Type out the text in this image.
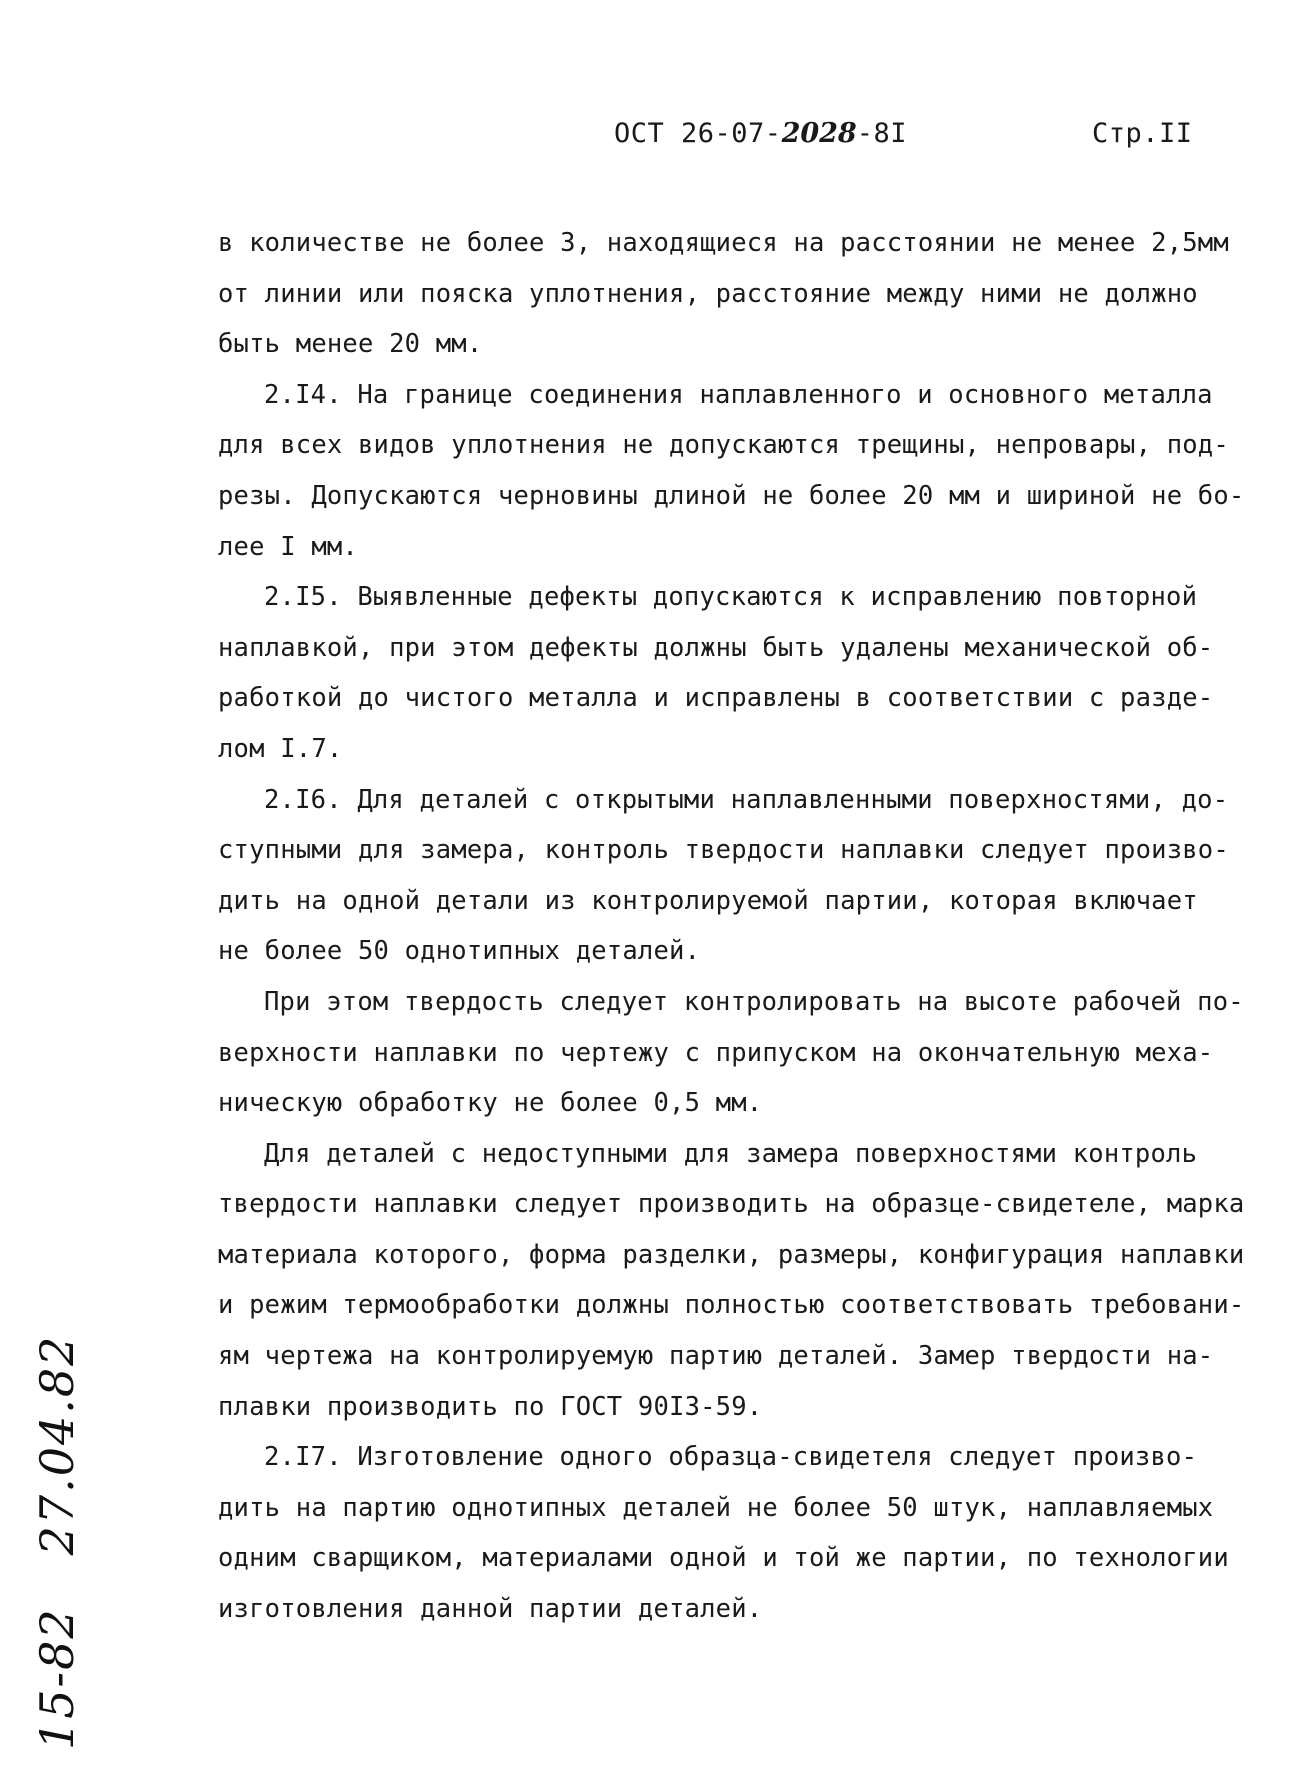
ОСТ 26-07-2028-8I	Стр.II

в количестве не более 3, находящиеся на расстоянии не менее 2,5мм
от линии или пояска уплотнения, расстояние между ними не должно
быть менее 20 мм.

2.I4. На границе соединения наплавленного и основного металла
для всех видов уплотнения не допускаются трещины, непровары, под-
резы. Допускаются черновины длиной не более 20 мм и шириной не бо-
лее I мм.

2.I5. Выявленные дефекты допускаются к исправлению повторной
наплавкой, при этом дефекты должны быть удалены механической об-
работкой до чистого металла и исправлены в соответствии с разде-
лом I.7.

2.I6. Для деталей с открытыми наплавленными поверхностями, до-
ступными для замера, контроль твердости наплавки следует произво-
дить на одной детали из контролируемой партии, которая включает
не более 50 однотипных деталей.

При этом твердость следует контролировать на высоте рабочей по-
верхности наплавки по чертежу с припуском на окончательную меха-
ническую обработку не более 0,5 мм.

Для деталей с недоступными для замера поверхностями контроль
твердости наплавки следует производить на образце-свидетеле, марка
материала которого, форма разделки, размеры, конфигурация наплавки
и режим термообработки должны полностью соответствовать требовани-
ям чертежа на контролируемую партию деталей. Замер твердости на-
плавки производить по ГОСТ 90I3-59.

2.I7. Изготовление одного образца-свидетеля следует произво-
дить на партию однотипных деталей не более 50 штук, наплавляемых
одним сварщиком, материалами одной и той же партии, по технологии
изготовления данной партии деталей.

15-8227.04.82
